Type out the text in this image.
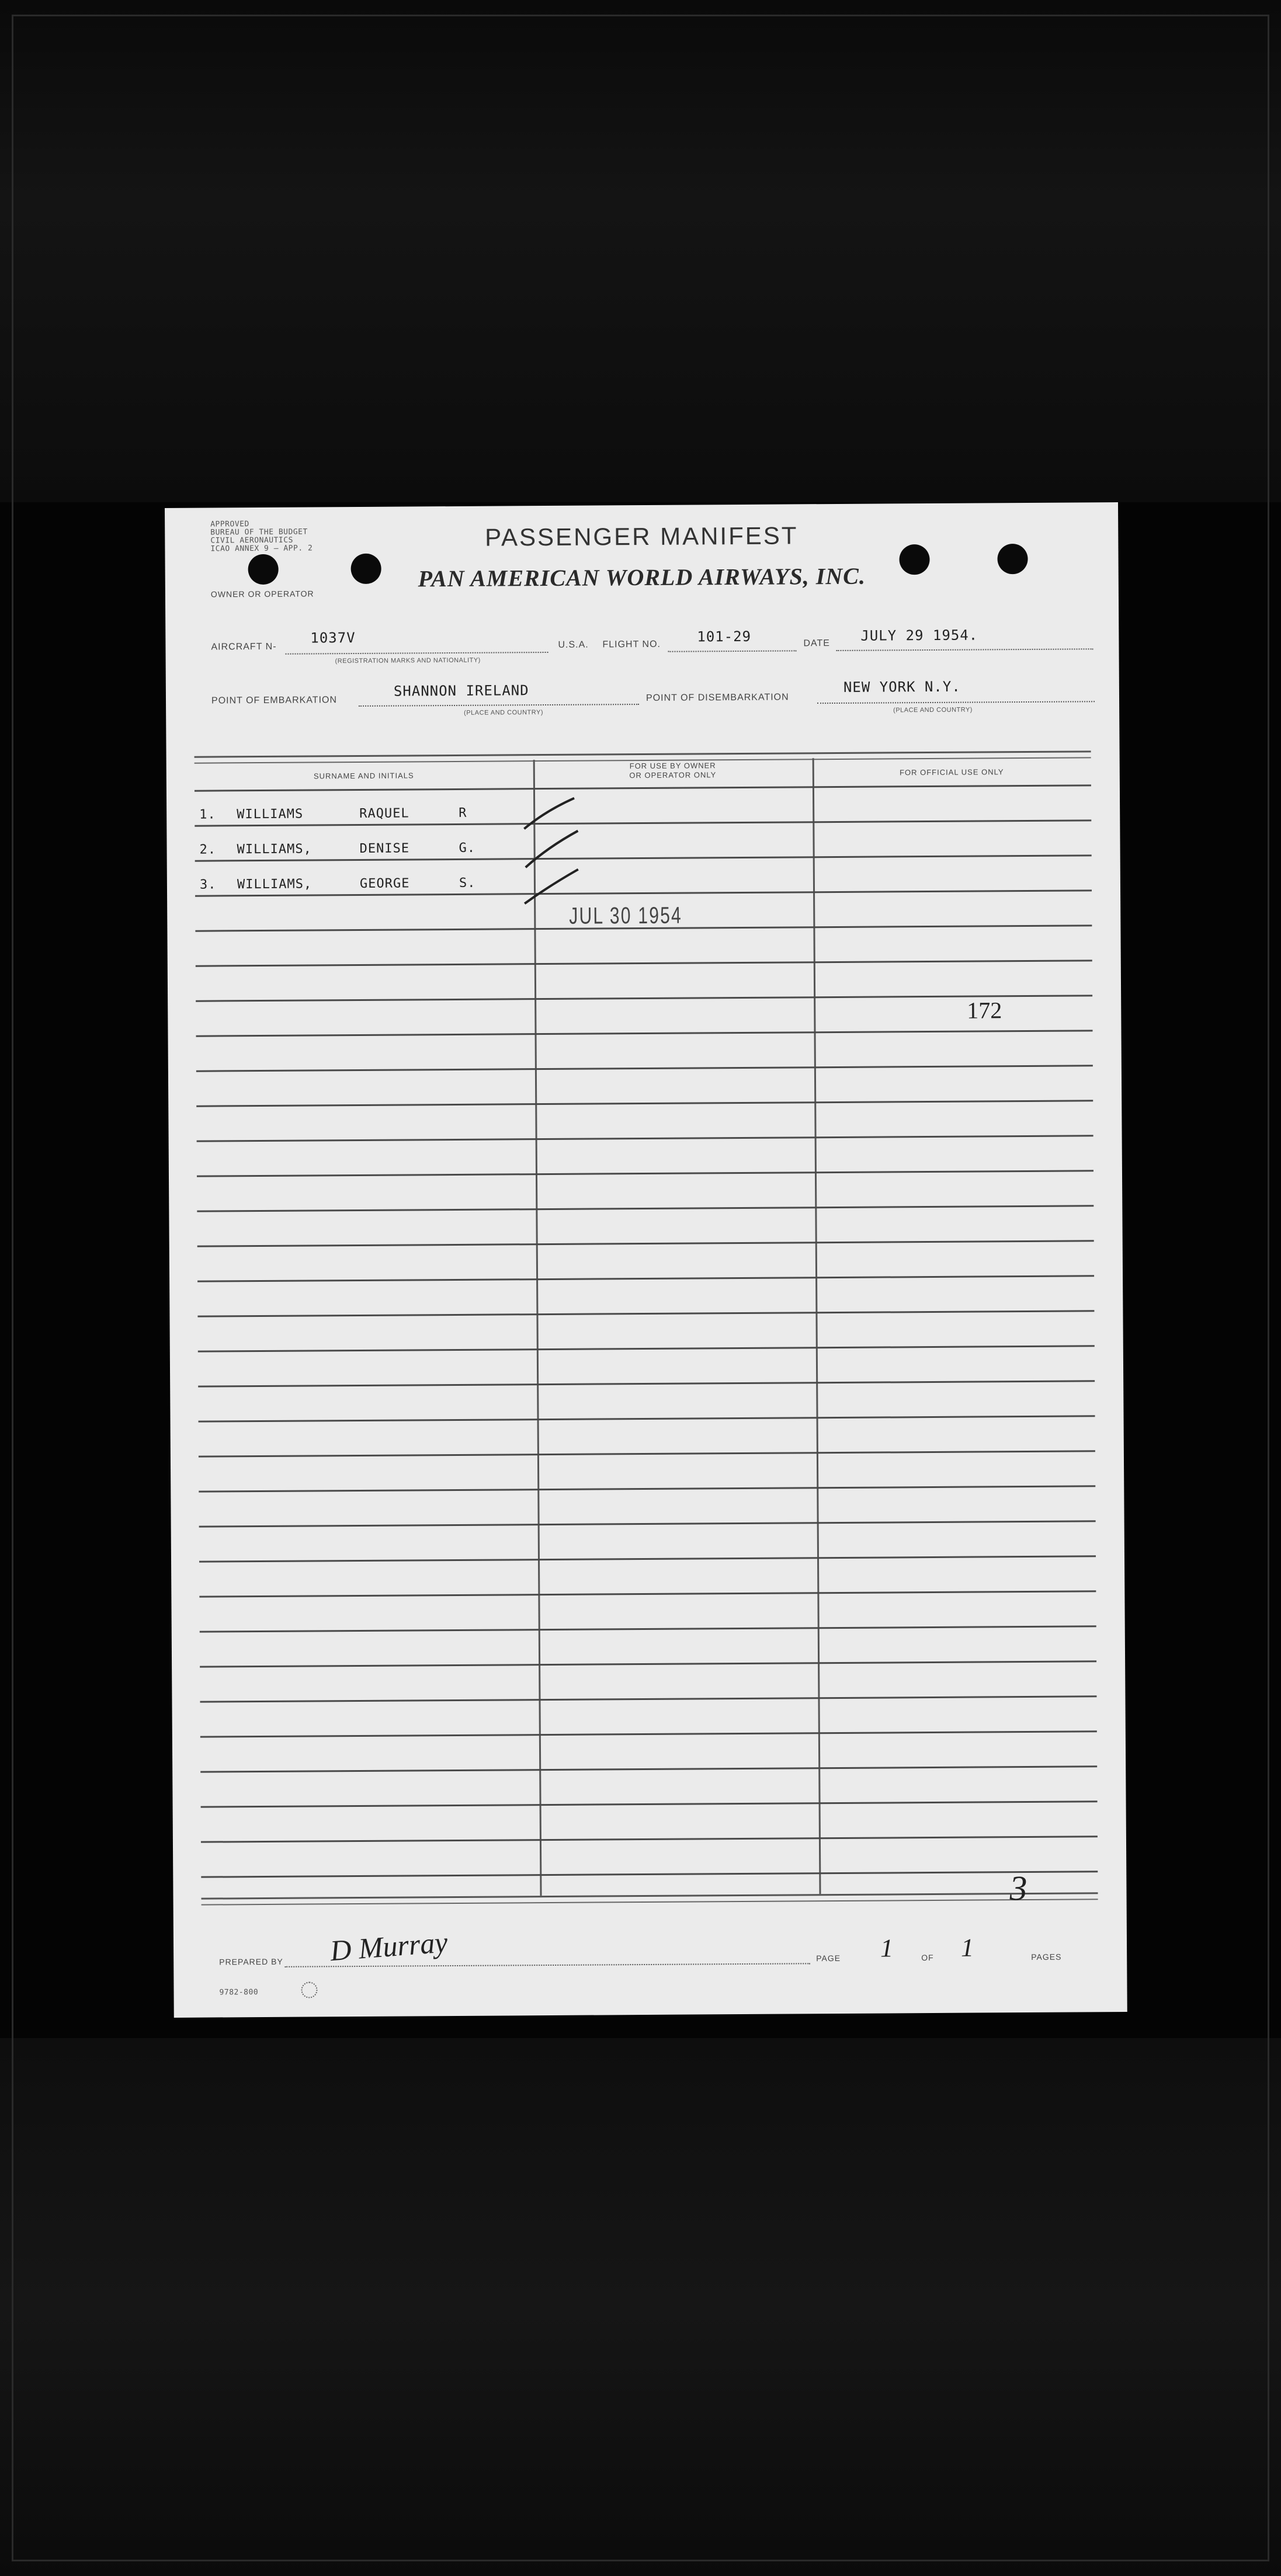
APPROVED
BUREAU OF THE BUDGET
CIVIL AERONAUTICS
ICAO ANNEX 9 — APP. 2	PASSENGER MANIFEST
PAN AMERICAN WORLD AIRWAYS, INC.
OWNER OR OPERATOR
AIRCRAFT N-
1037V
(REGISTRATION MARKS AND NATIONALITY)
U.S.A. FLIGHT NO.	101-29	DATE JULY 29 1954.
POINT OF EMBARKATION
SHANNON IRELAND
(PLACE AND COUNTRY)
POINT OF DISEMBARKATION
NEW YORK N.Y.
(PLACE AND COUNTRY)
SURNAME AND INITIALS
FOR USE BY OWNER
OR OPERATOR ONLY	FOR OFFICIAL USE ONLY
1. WILLIAMS	RAQUEL	R
2. WILLIAMS,	DENISE	G.
3. WILLIAMS,	GEORGE	S.
JUL 30 1954
172
3
PREPARED BY D Murray	PAGE 1	OF 1	PAGES
9782-800
